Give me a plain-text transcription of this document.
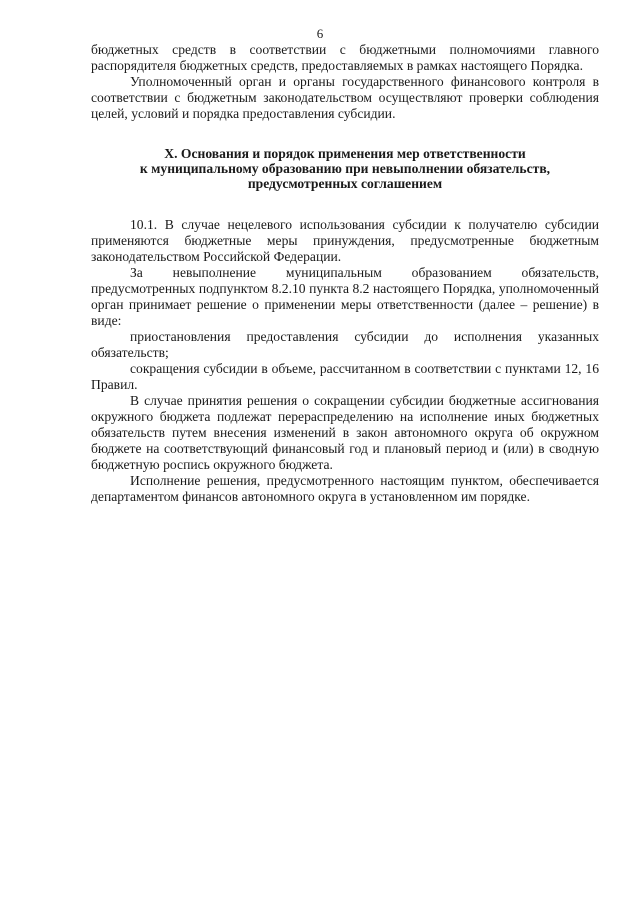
6

бюджетных средств в соответствии с бюджетными полномочиями главного распорядителя бюджетных средств, предоставляемых в рамках настоящего Порядка.

Уполномоченный орган и органы государственного финансового контроля в соответствии с бюджетным законодательством осуществляют проверки соблюдения целей, условий и порядка предоставления субсидии.

X. Основания и порядок применения мер ответственности
к муниципальному образованию при невыполнении обязательств,
предусмотренных соглашением

10.1. В случае нецелевого использования субсидии к получателю субсидии применяются бюджетные меры принуждения, предусмотренные бюджетным законодательством Российской Федерации.

За невыполнение муниципальным образованием обязательств, предусмотренных подпунктом 8.2.10 пункта 8.2 настоящего Порядка, уполномоченный орган принимает решение о применении меры ответственности (далее – решение) в виде:

приостановления предоставления субсидии до исполнения указанных обязательств;

сокращения субсидии в объеме, рассчитанном в соответствии с пунктами 12, 16 Правил.

В случае принятия решения о сокращении субсидии бюджетные ассигнования окружного бюджета подлежат перераспределению на исполнение иных бюджетных обязательств путем внесения изменений в закон автономного округа об окружном бюджете на соответствующий финансовый год и плановый период и (или) в сводную бюджетную роспись окружного бюджета.

Исполнение решения, предусмотренного настоящим пунктом, обеспечивается департаментом финансов автономного округа в установленном им порядке.
